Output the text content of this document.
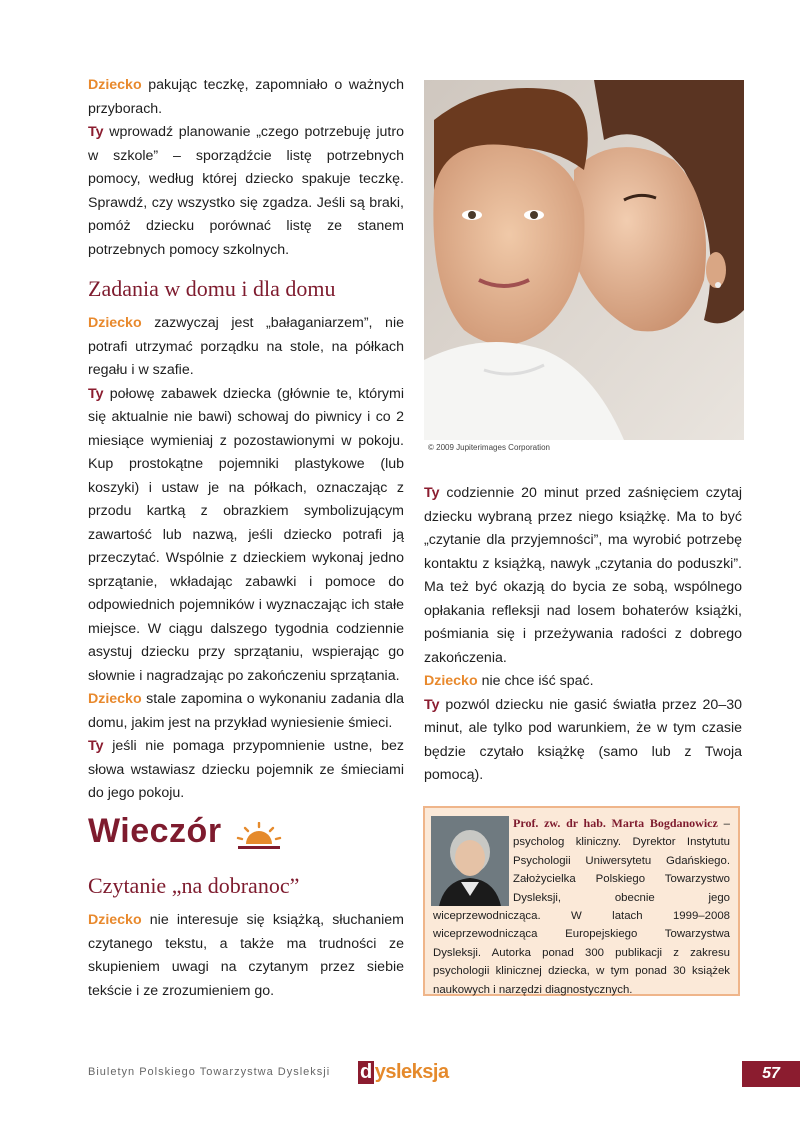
Dziecko pakując teczkę, zapomniało o ważnych przyborach.

Ty wprowadź planowanie „czego potrzebuję jutro w szkole” – sporządźcie listę potrzebnych pomocy, według której dziecko spakuje teczkę. Sprawdź, czy wszystko się zgadza. Jeśli są braki, pomóż dziecku porównać listę ze stanem potrzebnych pomocy szkolnych.

Zadania w domu i dla domu

Dziecko zazwyczaj jest „bałaganiarzem”, nie potrafi utrzymać porządku na stole, na półkach regału i w szafie.

Ty połowę zabawek dziecka (głównie te, którymi się aktualnie nie bawi) schowaj do piwnicy i co 2 miesiące wymieniaj z pozostawionymi w pokoju. Kup prostokątne pojemniki plastykowe (lub koszyki) i ustaw je na półkach, oznaczając z przodu kartką z obrazkiem symbolizującym zawartość lub nazwą, jeśli dziecko potrafi ją przeczytać. Wspólnie z dzieckiem wykonaj jedno sprzątanie, wkładając zabawki i pomoce do odpowiednich pojemników i wyznaczając ich stałe miejsce. W ciągu dalszego tygodnia codziennie asystuj dziecku przy sprzątaniu, wspierając go słownie i nagradzając po zakończeniu sprzątania.

Dziecko stale zapomina o wykonaniu zadania dla domu, jakim jest na przykład wyniesienie śmieci.

Ty jeśli nie pomaga przypomnienie ustne, bez słowa wstawiasz dziecku pojemnik ze śmieciami do jego pokoju.

Wieczór
Czytanie „na dobranoc”

Dziecko nie interesuje się książką, słuchaniem czytanego tekstu, a także ma trudności ze skupieniem uwagi na czytanym przez siebie tekście i ze zrozumieniem go.

© 2009 Jupiterimages Corporation

Ty codziennie 20 minut przed zaśnięciem czytaj dziecku wybraną przez niego książkę. Ma to być „czytanie dla przyjemności”, ma wyrobić potrzebę kontaktu z książką, nawyk „czytania do poduszki”. Ma też być okazją do bycia ze sobą, wspólnego opłakania refleksji nad losem bohaterów książki, pośmiania się i przeżywania radości z dobrego zakończenia.

Dziecko nie chce iść spać.

Ty pozwól dziecku nie gasić światła przez 20–30 minut, ale tylko pod warunkiem, że w tym czasie będzie czytało książkę (samo lub z Twoja pomocą).

Prof. zw. dr hab. Marta Bogdanowicz – psycholog kliniczny. Dyrektor Instytutu Psychologii Uniwersytetu Gdańskiego. Założycielka Polskiego Towarzystwo Dysleksji, obecnie jego wiceprzewodnicząca. W latach 1999–2008 wiceprzewodnicząca Europejskiego Towarzystwa Dysleksji. Autorka ponad 300 publikacji z zakresu psychologii klinicznej dziecka, w tym ponad 30 książek naukowych i narzędzi diagnostycznych.
Biuletyn Polskiego Towarzystwa Dysleksji d ysleksja	57
